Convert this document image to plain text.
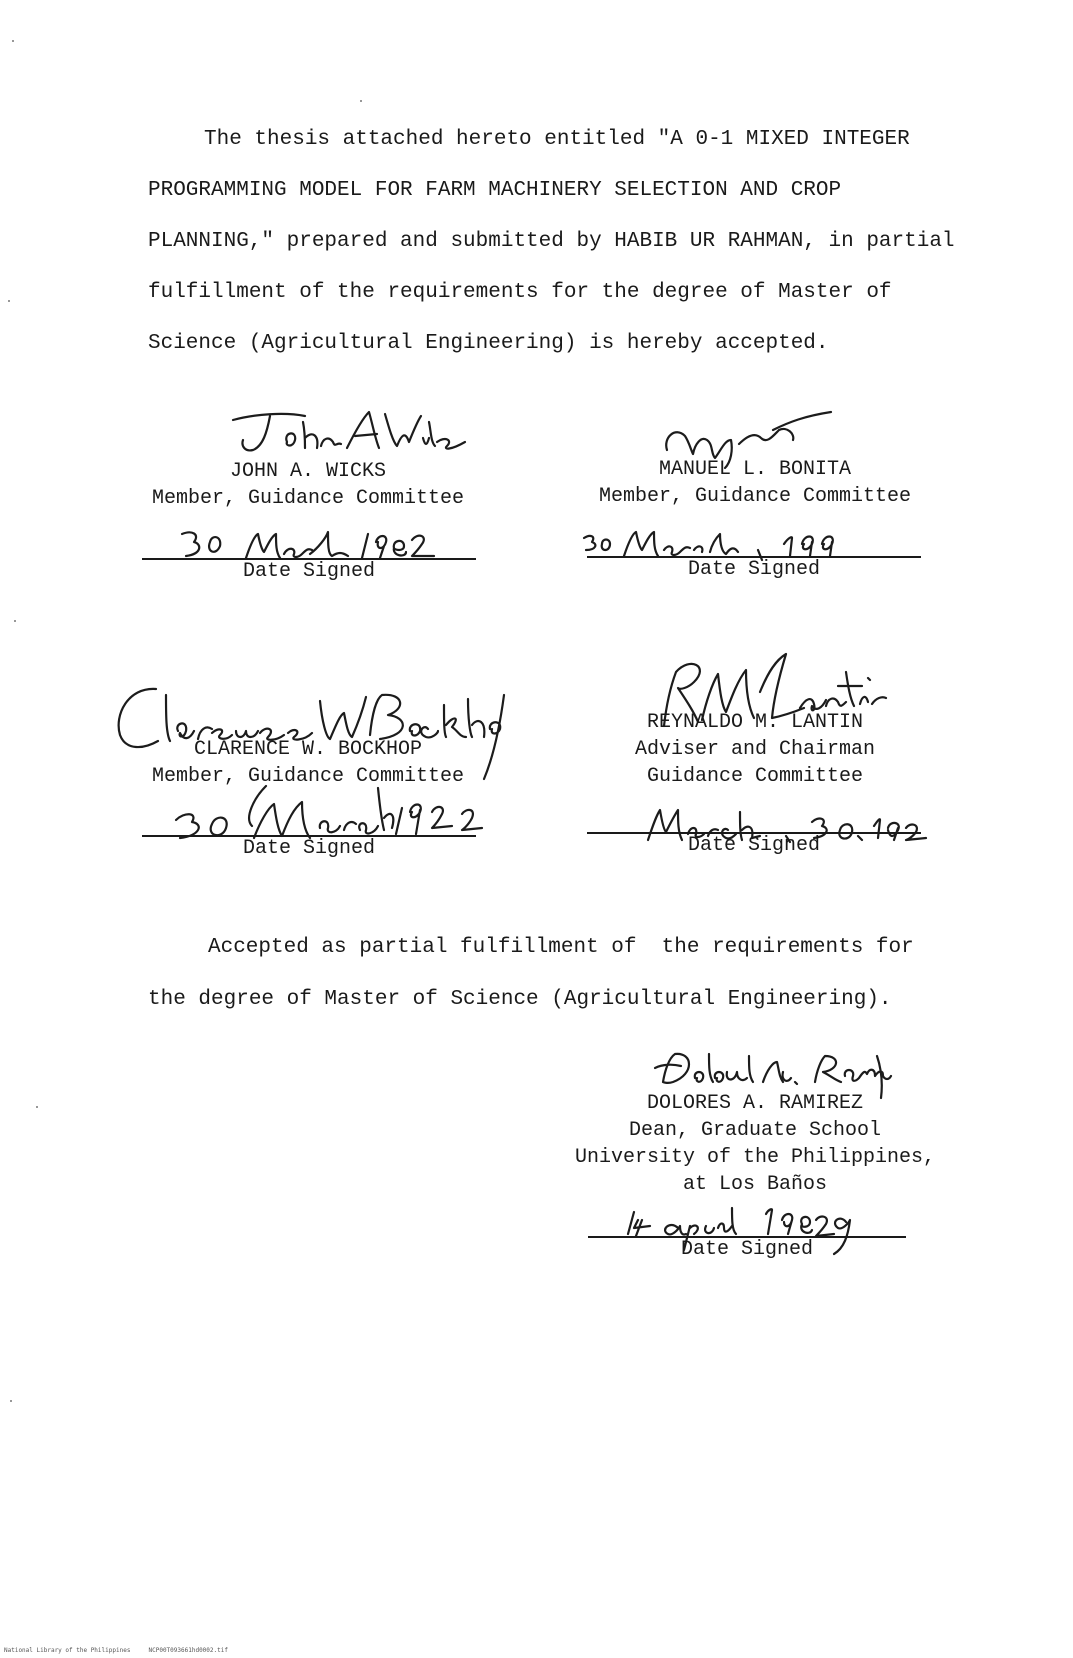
The thesis attached hereto entitled "A 0-1 MIXED INTEGER
PROGRAMMING MODEL FOR FARM MACHINERY SELECTION AND CROP
PLANNING," prepared and submitted by HABIB UR RAHMAN, in partial
fulfillment of the requirements for the degree of Master of
Science (Agricultural Engineering) is hereby accepted.
JOHN A. WICKS
Member, Guidance Committee
Date Signed
MANUEL L. BONITA
Member, Guidance Committee
Date Signed
CLARENCE W. BOCKHOP
Member, Guidance Committee
Date Signed
REYNALDO M. LANTIN
Adviser and Chairman
Guidance Committee
Date Signed
Accepted as partial fulfillment of  the requirements for
the degree of Master of Science (Agricultural Engineering).
DOLORES A. RAMIREZ
Dean, Graduate School
University of the Philippines,
at Los Baños
Date Signed
National Library of the Philippines     NCP00T093661hd0002.tif
